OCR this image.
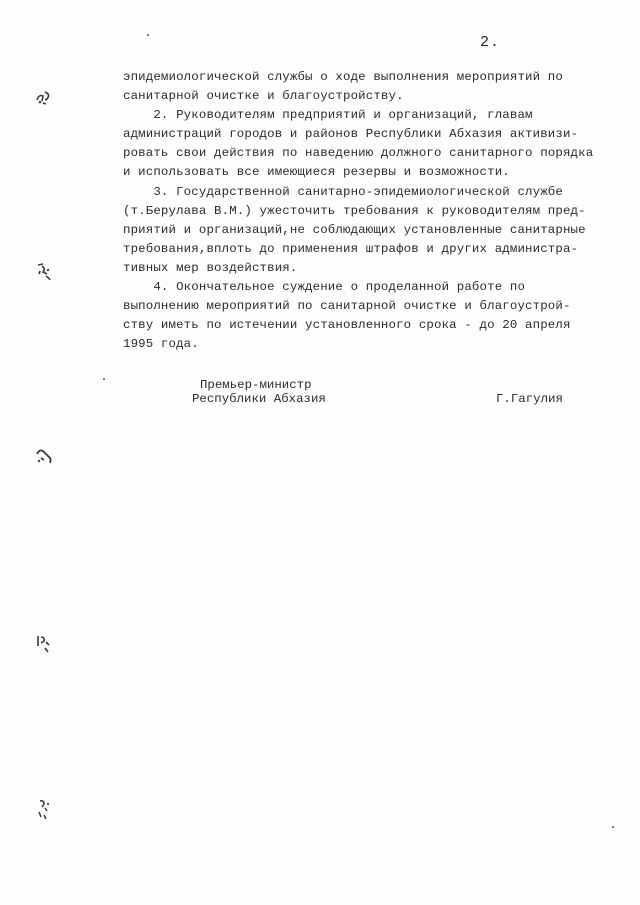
2.
эпидемиологической службы о ходе выполнения мероприятий по
санитарной очистке и благоустройству.
2. Руководителям предприятий и организаций, главам
администраций городов и районов Республики Абхазия активизи-
ровать свои действия по наведению должного санитарного порядка
и использовать все имеющиеся резервы и возможности.
3. Государственной санитарно-эпидемиологической службе
(т.Берулава В.М.) ужесточить требования к руководителям пред-
приятий и организаций,не соблюдающих установленные санитарные
требования,вплоть до применения штрафов и других администра-
тивных мер воздействия.
4. Окончательное суждение о проделанной работе по
выполнению мероприятий по санитарной очистке и благоустрой-
ству иметь по истечении установленного срока - до 20 апреля
1995 года.
Премьер-министр
Республики Абхазия	Г.Гагулия
